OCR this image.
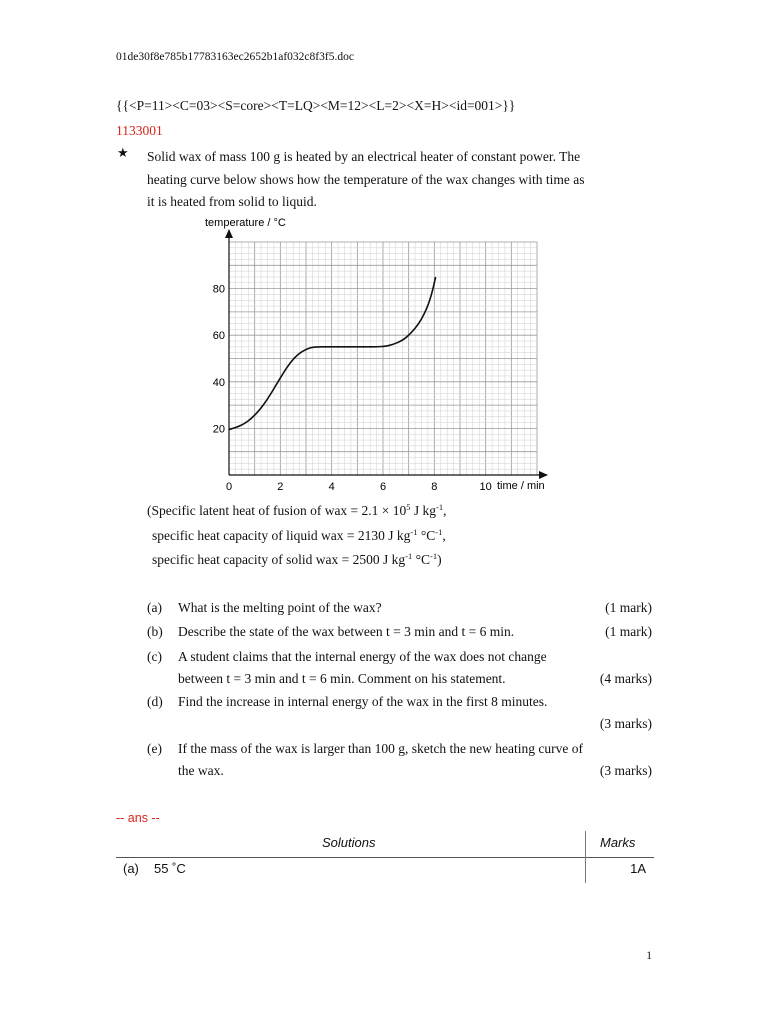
01de30f8e785b17783163ec2652b1af032c8f3f5.doc
{{<P=11><C=03><S=core><T=LQ><M=12><L=2><X=H><id=001>}}
1133001
★ Solid wax of mass 100 g is heated by an electrical heater of constant power. The
heating curve below shows how the temperature of the wax changes with time as
it is heated from solid to liquid.
0	2	4	6	8	10
20
40
60
80
temperature / °C
time / min
(Specific latent heat of fusion of wax = $2.1 \times 10^5$ J $kg^{-1}$,
specific heat capacity of liquid wax = 2130 J $kg^{-1}$ $^\circ C^{-1}$,
specific heat capacity of solid wax = 2500 J $kg^{-1}$ $^\circ C^{-1}$)
(a) What is the melting point of the wax?	(1 mark)
(b) Describe the state of the wax between t = 3 min and t = 6 min.	(1 mark)
(c) A student claims that the internal energy of the wax does not change
between t = 3 min and t = 6 min. Comment on his statement.	(4 marks)
(d) Find the increase in internal energy of the wax in the first 8 minutes.
(3 marks)
(e) If the mass of the wax is larger than 100 g, sketch the new heating curve of
the wax.	(3 marks)
-- ans --
Solutions	Marks
(a) 55 ˚C	1A
1
